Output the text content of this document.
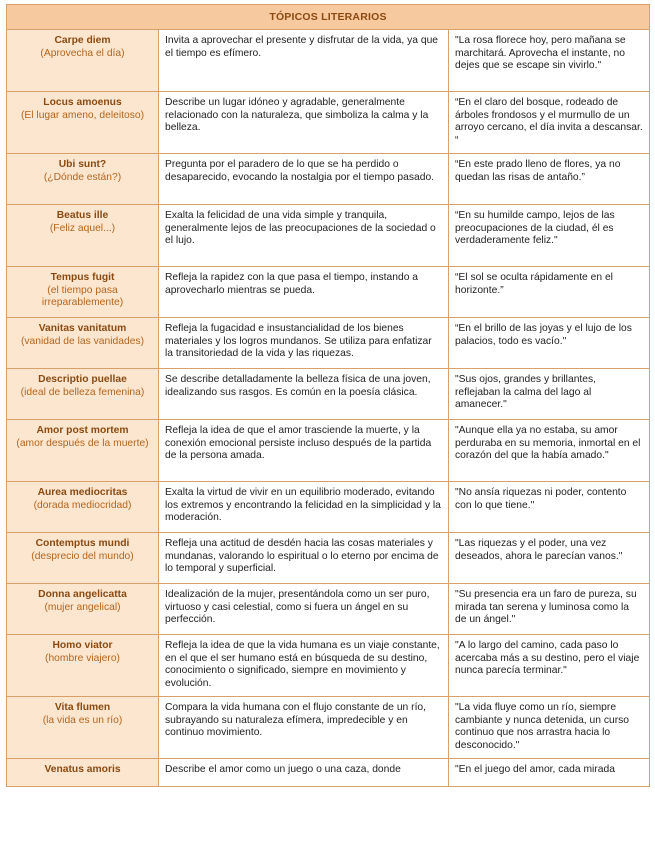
TÓPICOS LITERARIOS		

Carpe diem
(Aprovecha el día)	Invita a aprovechar el presente y disfrutar de la vida, ya que el tiempo es efímero.	"La rosa florece hoy, pero mañana se marchitará. Aprovecha el instante, no dejes que se escape sin vivirlo."

Locus amoenus
(El lugar ameno, deleitoso)	Describe un lugar idóneo y agradable, generalmente relacionado con la naturaleza, que simboliza la calma y la belleza.	“En el claro del bosque, rodeado de árboles frondosos y el murmullo de un arroyo cercano, el día invita a descansar. “

Ubi sunt?
(¿Dónde están?)	Pregunta por el paradero de lo que se ha perdido o desaparecido, evocando la nostalgia por el tiempo pasado.	“En este prado lleno de flores, ya no quedan las risas de antaño.”

Beatus ille
(Feliz aquel...)	Exalta la felicidad de una vida simple y tranquila, generalmente lejos de las preocupaciones de la sociedad o el lujo.	“En su humilde campo, lejos de las preocupaciones de la ciudad, él es verdaderamente feliz."

Tempus fugit
(el tiempo pasa irreparablemente)	Refleja la rapidez con la que pasa el tiempo, instando a aprovecharlo mientras se pueda.	“El sol se oculta rápidamente en el horizonte.”

Vanitas vanitatum
(vanidad de las vanidades)	Refleja la fugacidad e insustancialidad de los bienes materiales y los logros mundanos. Se utiliza para enfatizar la transitoriedad de la vida y las riquezas.	“En el brillo de las joyas y el lujo de los palacios, todo es vacío."

Descriptio puellae
(ideal de belleza femenina)	Se describe detalladamente la belleza física de una joven, idealizando sus rasgos. Es común en la poesía clásica.	"Sus ojos, grandes y brillantes, reflejaban la calma del lago al amanecer."

Amor post mortem
(amor después de la muerte)	Refleja la idea de que el amor trasciende la muerte, y la conexión emocional persiste incluso después de la partida de la persona amada.	"Aunque ella ya no estaba, su amor perduraba en su memoria, inmortal en el corazón del que la había amado."

Aurea mediocritas
(dorada mediocridad)	Exalta la virtud de vivir en un equilibrio moderado, evitando los extremos y encontrando la felicidad en la simplicidad y la moderación.	"No ansía riquezas ni poder, contento con lo que tiene."

Contemptus mundi
(desprecio del mundo)	Refleja una actitud de desdén hacia las cosas materiales y mundanas, valorando lo espiritual o lo eterno por encima de lo temporal y superficial.	"Las riquezas y el poder, una vez deseados, ahora le parecían vanos."

Donna angelicatta
(mujer angelical)	Idealización de la mujer, presentándola como un ser puro, virtuoso y casi celestial, como si fuera un ángel en su perfección.	"Su presencia era un faro de pureza, su mirada tan serena y luminosa como la de un ángel."

Homo viator
(hombre viajero)	Refleja la idea de que la vida humana es un viaje constante, en el que el ser humano está en búsqueda de su destino, conocimiento o significado, siempre en movimiento y evolución.	"A lo largo del camino, cada paso lo acercaba más a su destino, pero el viaje nunca parecía terminar."

Vita flumen
(la vida es un río)	Compara la vida humana con el flujo constante de un río, subrayando su naturaleza efímera, impredecible y en continuo movimiento.	"La vida fluye como un río, siempre cambiante y nunca detenida, un curso continuo que nos arrastra hacia lo desconocido."

Venatus amoris	Describe el amor como un juego o una caza, donde	"En el juego del amor, cada mirada
